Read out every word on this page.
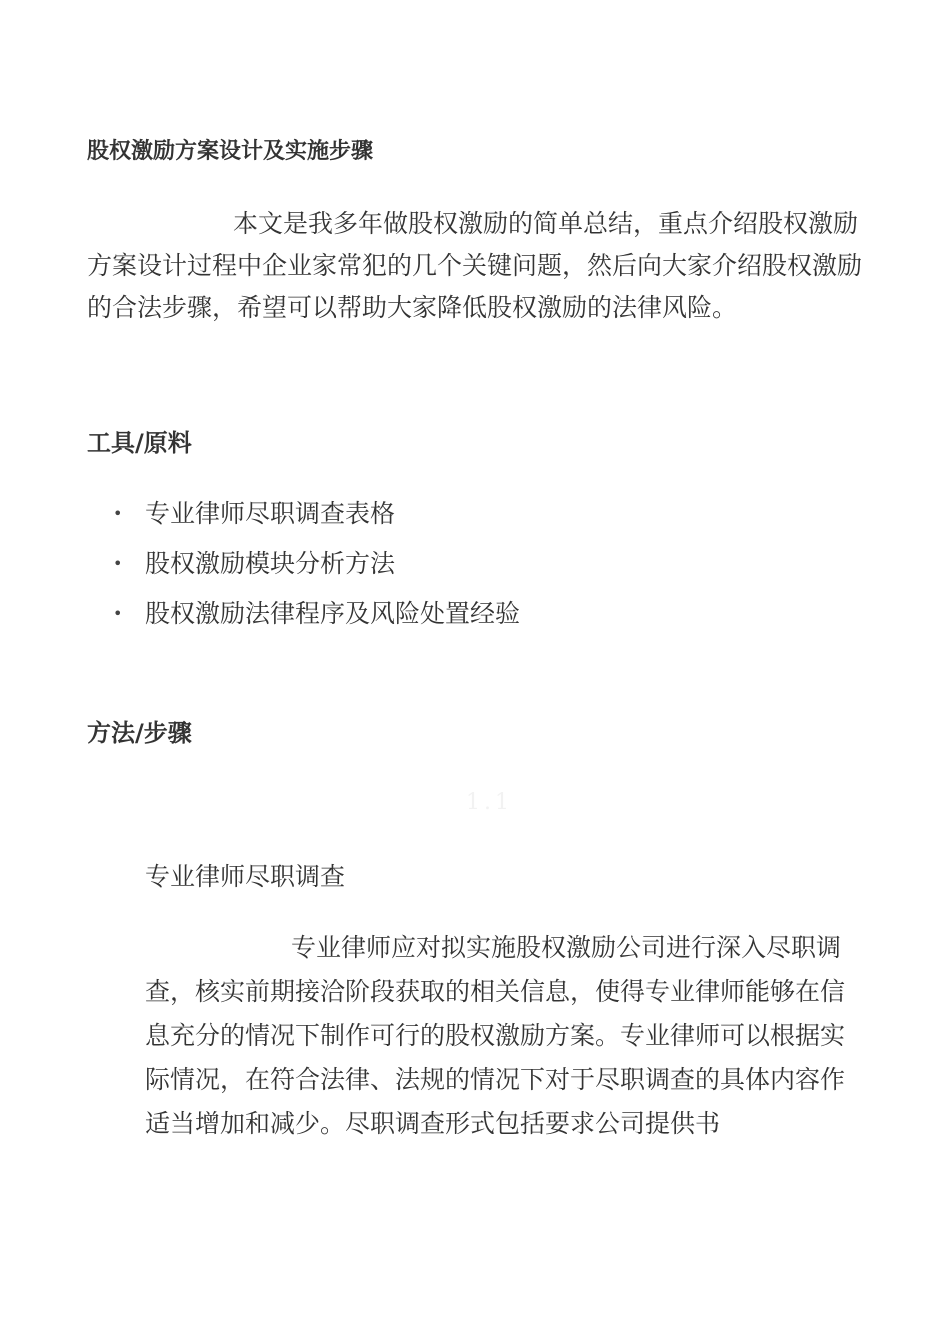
股权激励方案设计及实施步骤

本文是我多年做股权激励的简单总结，重点介绍股权激励方案设计过程中企业家常犯的几个关键问题，然后向大家介绍股权激励的合法步骤，希望可以帮助大家降低股权激励的法律风险。

工具/原料
• 专业律师尽职调查表格
• 股权激励模块分析方法
• 股权激励法律程序及风险处置经验
方法/步骤
1.1
专业律师尽职调查

专业律师应对拟实施股权激励公司进行深入尽职调查，核实前期接洽阶段获取的相关信息，使得专业律师能够在信息充分的情况下制作可行的股权激励方案。专业律师可以根据实际情况，在符合法律、法规的情况下对于尽职调查的具体内容作适当增加和减少。尽职调查形式包括要求公司提供书
